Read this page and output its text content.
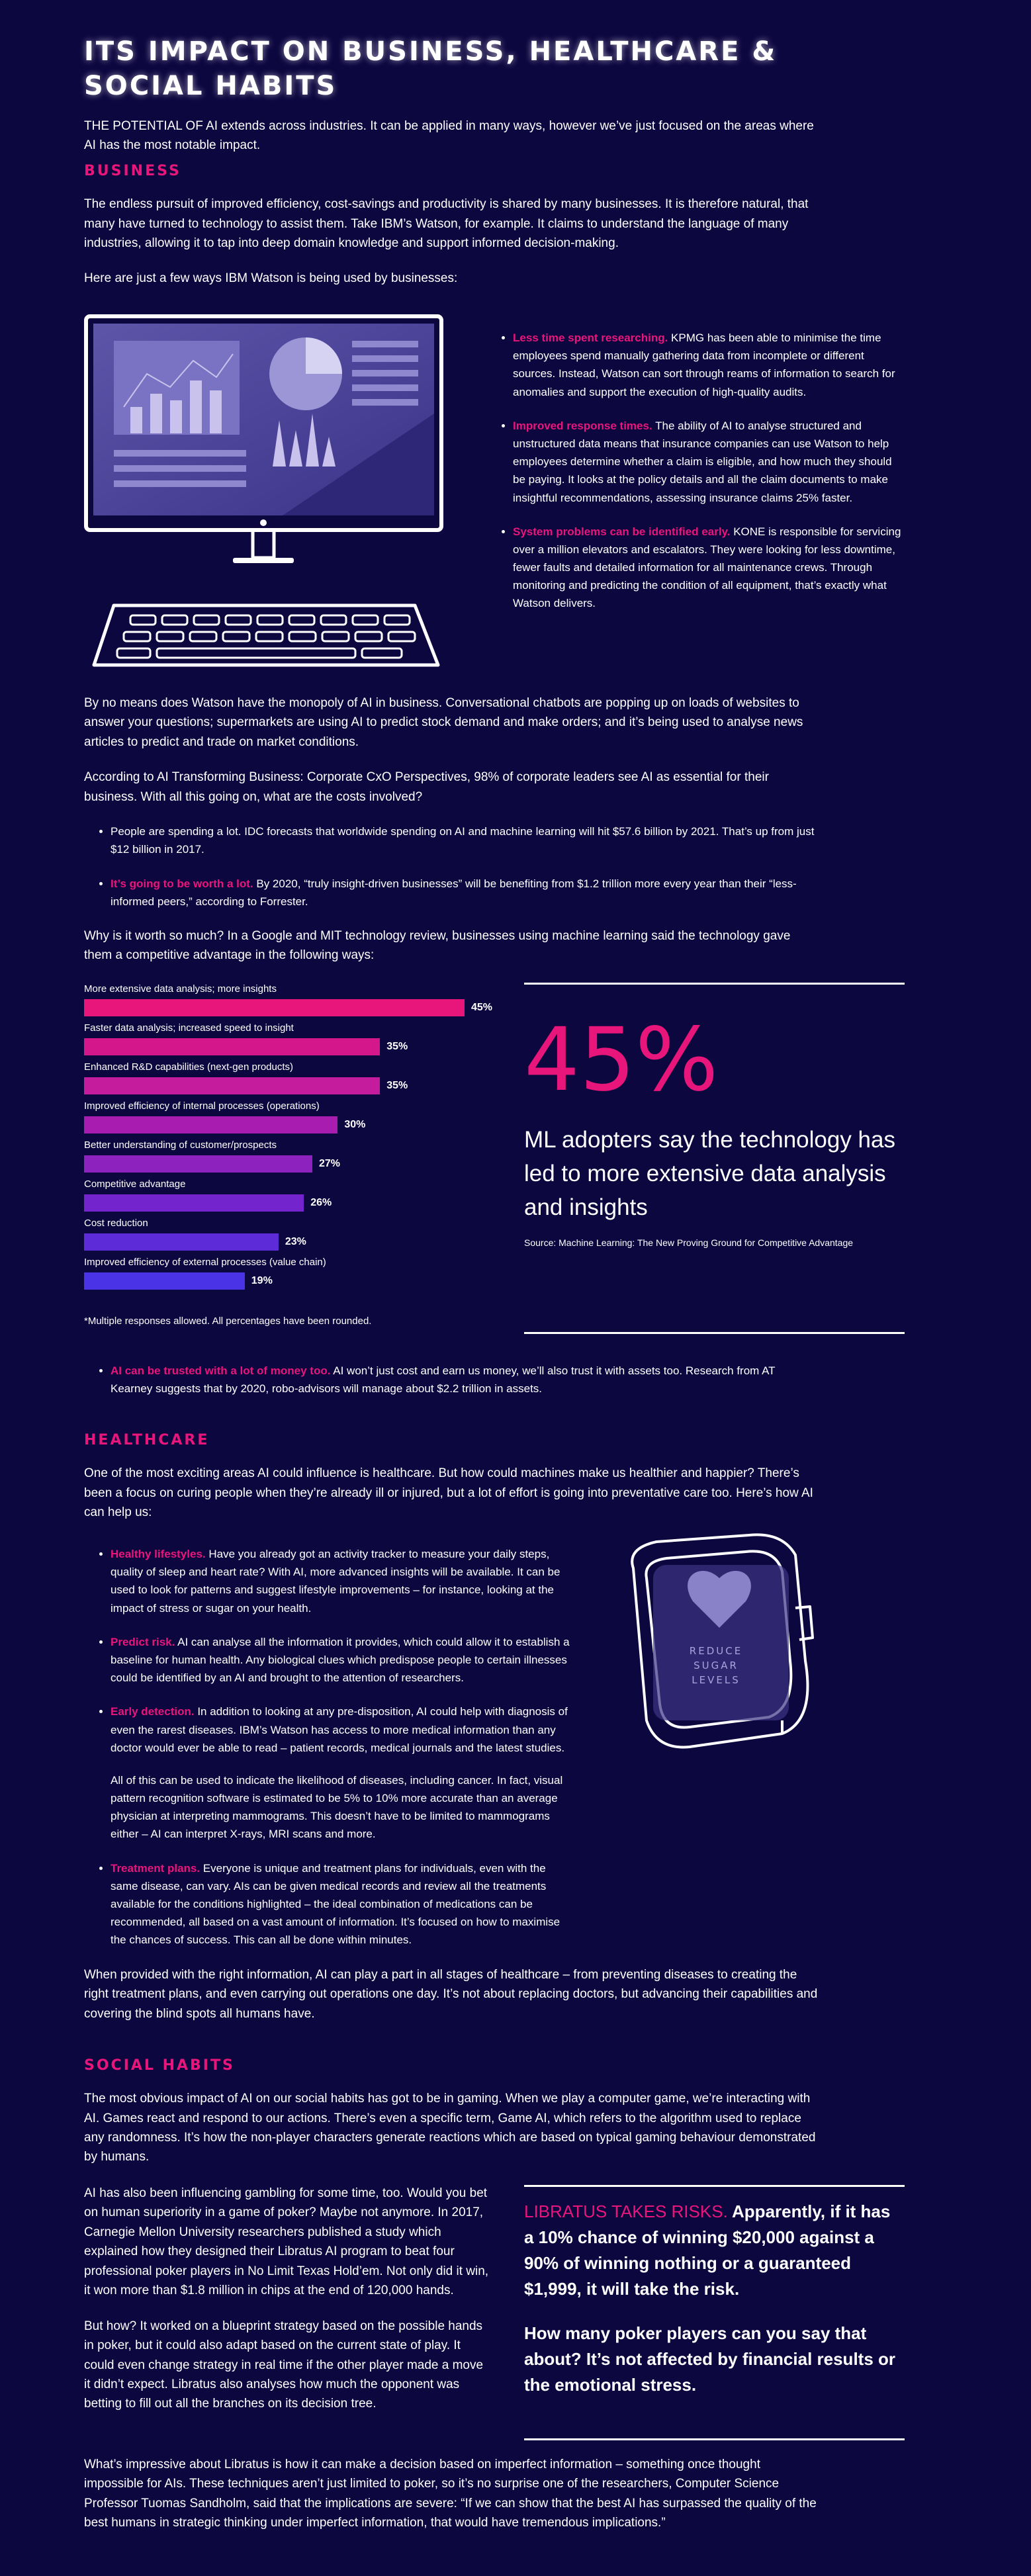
ITS IMPACT ON BUSINESS, HEALTHCARE & SOCIAL HABITS

THE POTENTIAL OF AI extends across industries. It can be applied in many ways, however we’ve just focused on the areas where AI has the most notable impact.

BUSINESS

The endless pursuit of improved efficiency, cost-savings and productivity is shared by many businesses. It is therefore natural, that many have turned to technology to assist them. Take IBM’s Watson, for example. It claims to understand the language of many industries, allowing it to tap into deep domain knowledge and support informed decision-making.

Here are just a few ways IBM Watson is being used by businesses:

• Less time spent researching. KPMG has been able to minimise the time employees spend manually gathering data from incomplete or different sources. Instead, Watson can sort through reams of information to search for anomalies and support the execution of high-quality audits.
• Improved response times. The ability of AI to analyse structured and unstructured data means that insurance companies can use Watson to help employees determine whether a claim is eligible, and how much they should be paying. It looks at the policy details and all the claim documents to make insightful recommendations, assessing insurance claims 25% faster.
• System problems can be identified early. KONE is responsible for servicing over a million elevators and escalators. They were looking for less downtime, fewer faults and detailed information for all maintenance crews. Through monitoring and predicting the condition of all equipment, that’s exactly what Watson delivers.

By no means does Watson have the monopoly of AI in business. Conversational chatbots are popping up on loads of websites to answer your questions; supermarkets are using AI to predict stock demand and make orders; and it’s being used to analyse news articles to predict and trade on market conditions.

According to AI Transforming Business: Corporate CxO Perspectives, 98% of corporate leaders see AI as essential for their business. With all this going on, what are the costs involved?

• People are spending a lot. IDC forecasts that worldwide spending on AI and machine learning will hit $57.6 billion by 2021. That’s up from just $12 billion in 2017.
• It’s going to be worth a lot. By 2020, “truly insight-driven businesses” will be benefiting from $1.2 trillion more every year than their “less-informed peers,” according to Forrester.

Why is it worth so much? In a Google and MIT technology review, businesses using machine learning said the technology gave them a competitive advantage in the following ways:

More extensive data analysis; more insights
45%
Faster data analysis; increased speed to insight
35%
Enhanced R&D capabilities (next-gen products)
35%
Improved efficiency of internal processes (operations)
30%
Better understanding of customer/prospects
27%
Competitive advantage
26%
Cost reduction
23%
Improved efficiency of external processes (value chain)
19%
*Multiple responses allowed. All percentages have been rounded.
45%
ML adopters say the technology has led to more extensive data analysis and insights
Source: Machine Learning: The New Proving Ground for Competitive Advantage
• AI can be trusted with a lot of money too. AI won’t just cost and earn us money, we’ll also trust it with assets too. Research from AT Kearney suggests that by 2020, robo-advisors will manage about $2.2 trillion in assets.
HEALTHCARE

One of the most exciting areas AI could influence is healthcare. But how could machines make us healthier and happier? There’s been a focus on curing people when they’re already ill or injured, but a lot of effort is going into preventative care too. Here’s how AI can help us:

• Healthy lifestyles. Have you already got an activity tracker to measure your daily steps, quality of sleep and heart rate? With AI, more advanced insights will be available. It can be used to look for patterns and suggest lifestyle improvements – for instance, looking at the impact of stress or sugar on your health.
• Predict risk. AI can analyse all the information it provides, which could allow it to establish a baseline for human health. Any biological clues which predispose people to certain illnesses could be identified by an AI and brought to the attention of researchers.
• Early detection. In addition to looking at any pre-disposition, AI could help with diagnosis of even the rarest diseases. IBM’s Watson has access to more medical information than any doctor would ever be able to read – patient records, medical journals and the latest studies.
All of this can be used to indicate the likelihood of diseases, including cancer. In fact, visual pattern recognition software is estimated to be 5% to 10% more accurate than an average physician at interpreting mammograms. This doesn’t have to be limited to mammograms either – AI can interpret X-rays, MRI scans and more.
• Treatment plans. Everyone is unique and treatment plans for individuals, even with the same disease, can vary. AIs can be given medical records and review all the treatments available for the conditions highlighted – the ideal combination of medications can be recommended, all based on a vast amount of information. It’s focused on how to maximise the chances of success. This can all be done within minutes.
REDUCE
SUGAR
LEVELS

When provided with the right information, AI can play a part in all stages of healthcare – from preventing diseases to creating the right treatment plans, and even carrying out operations one day. It’s not about replacing doctors, but advancing their capabilities and covering the blind spots all humans have.

SOCIAL HABITS

The most obvious impact of AI on our social habits has got to be in gaming. When we play a computer game, we’re interacting with AI. Games react and respond to our actions. There’s even a specific term, Game AI, which refers to the algorithm used to replace any randomness. It’s how the non-player characters generate reactions which are based on typical gaming behaviour demonstrated by humans.

AI has also been influencing gambling for some time, too. Would you bet on human superiority in a game of poker? Maybe not anymore. In 2017, Carnegie Mellon University researchers published a study which explained how they designed their Libratus AI program to beat four professional poker players in No Limit Texas Hold’em. Not only did it win, it won more than $1.8 million in chips at the end of 120,000 hands.

But how? It worked on a blueprint strategy based on the possible hands in poker, but it could also adapt based on the current state of play. It could even change strategy in real time if the other player made a move it didn’t expect. Libratus also analyses how much the opponent was betting to fill out all the branches on its decision tree.

LIBRATUS TAKES RISKS. Apparently, if it has a 10% chance of winning $20,000 against a 90% of winning nothing or a guaranteed $1,999, it will take the risk.

How many poker players can you say that about? It’s not affected by financial results or the emotional stress.

What’s impressive about Libratus is how it can make a decision based on imperfect information – something once thought impossible for AIs. These techniques aren’t just limited to poker, so it’s no surprise one of the researchers, Computer Science Professor Tuomas Sandholm, said that the implications are severe: “If we can show that the best AI has surpassed the quality of the best humans in strategic thinking under imperfect information, that would have tremendous implications.”
